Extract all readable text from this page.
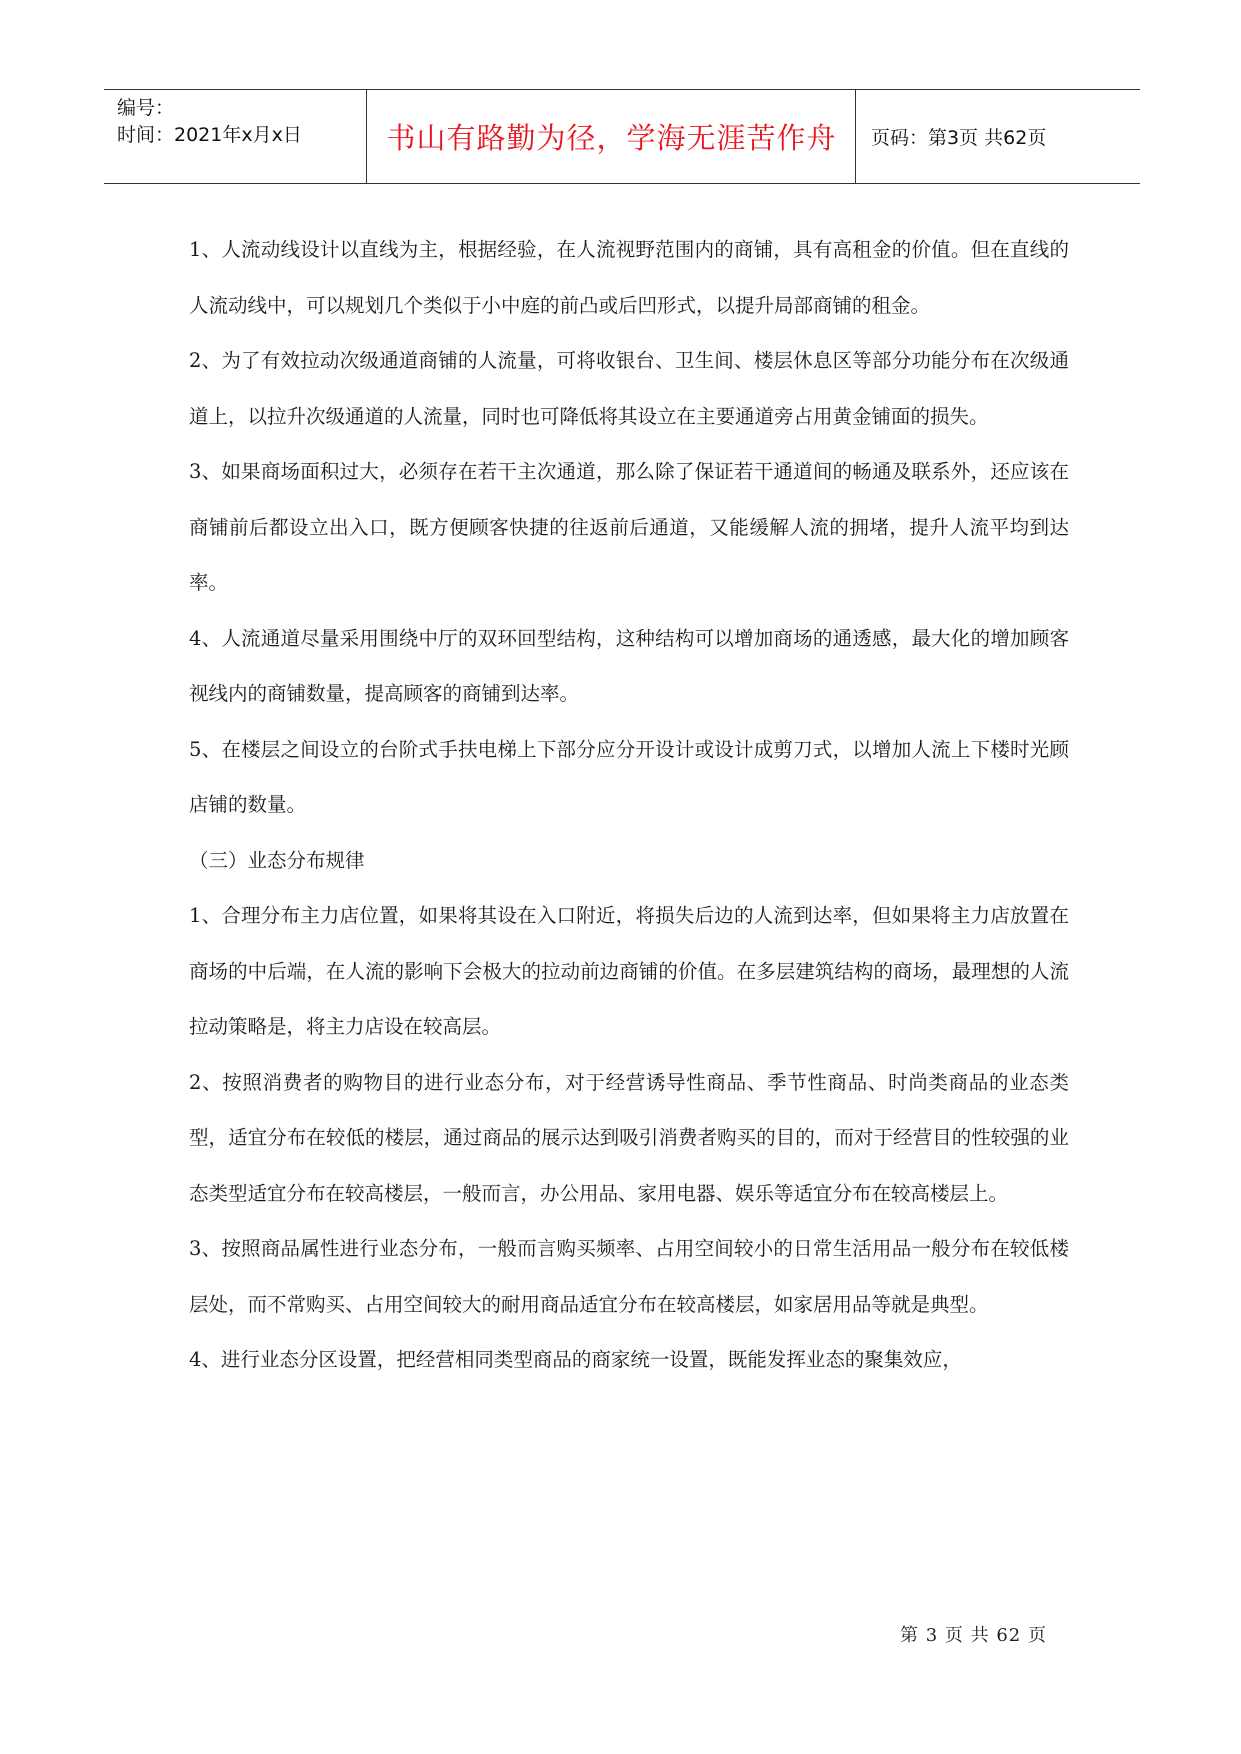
编号：
时间：2021年x月x日	书山有路勤为径，学海无涯苦作舟	页码：第3页 共62页

1、人流动线设计以直线为主，根据经验，在人流视野范围内的商铺，具有高租金的价值。但在直线的人流动线中，可以规划几个类似于小中庭的前凸或后凹形式，以提升局部商铺的租金。

2、为了有效拉动次级通道商铺的人流量，可将收银台、卫生间、楼层休息区等部分功能分布在次级通道上，以拉升次级通道的人流量，同时也可降低将其设立在主要通道旁占用黄金铺面的损失。

3、如果商场面积过大，必须存在若干主次通道，那么除了保证若干通道间的畅通及联系外，还应该在商铺前后都设立出入口，既方便顾客快捷的往返前后通道，又能缓解人流的拥堵，提升人流平均到达率。

4、人流通道尽量采用围绕中厅的双环回型结构，这种结构可以增加商场的通透感，最大化的增加顾客视线内的商铺数量，提高顾客的商铺到达率。

5、在楼层之间设立的台阶式手扶电梯上下部分应分开设计或设计成剪刀式，以增加人流上下楼时光顾店铺的数量。

（三）业态分布规律

1、合理分布主力店位置，如果将其设在入口附近，将损失后边的人流到达率，但如果将主力店放置在商场的中后端，在人流的影响下会极大的拉动前边商铺的价值。在多层建筑结构的商场，最理想的人流拉动策略是，将主力店设在较高层。

2、按照消费者的购物目的进行业态分布，对于经营诱导性商品、季节性商品、时尚类商品的业态类型，适宜分布在较低的楼层，通过商品的展示达到吸引消费者购买的目的，而对于经营目的性较强的业态类型适宜分布在较高楼层，一般而言，办公用品、家用电器、娱乐等适宜分布在较高楼层上。

3、按照商品属性进行业态分布，一般而言购买频率、占用空间较小的日常生活用品一般分布在较低楼层处，而不常购买、占用空间较大的耐用商品适宜分布在较高楼层，如家居用品等就是典型。

4、进行业态分区设置，把经营相同类型商品的商家统一设置，既能发挥业态的聚集效应，

第 3 页 共 62 页
